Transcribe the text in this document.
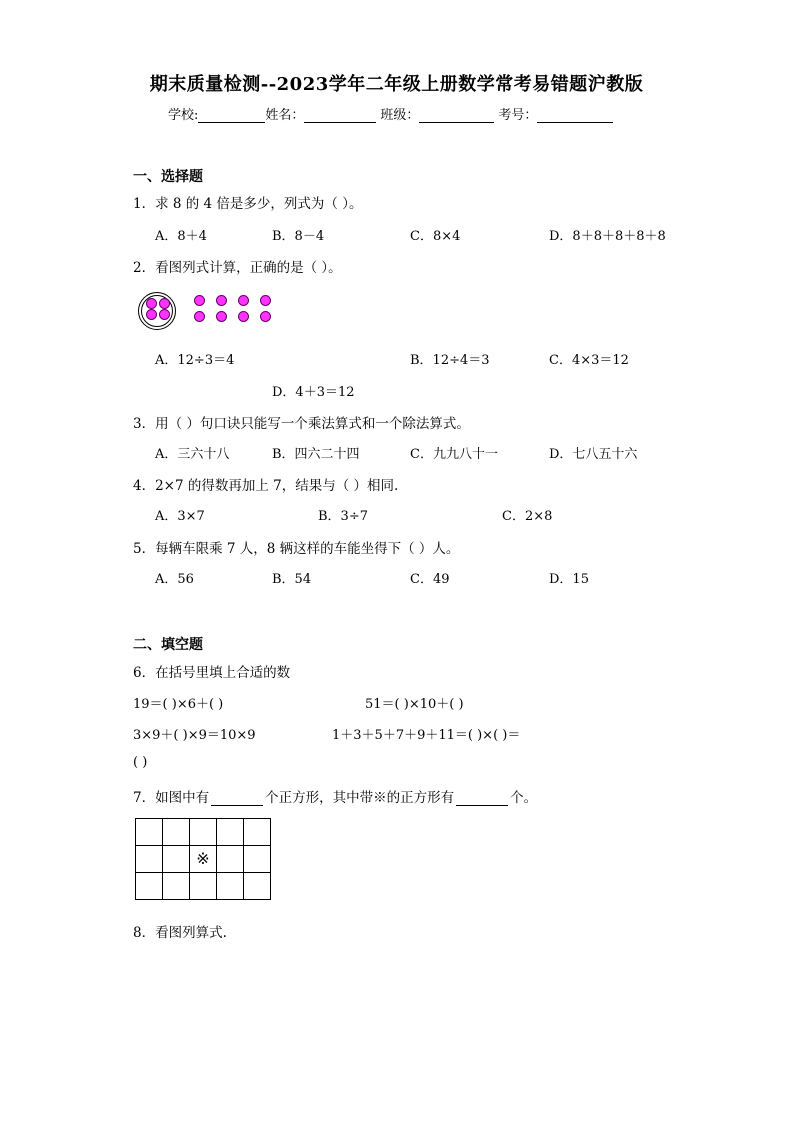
期末质量检测--2023学年二年级上册数学常考易错题沪教版
学校:	姓名：	班级：	考号：
一、选择题
1．求 8 的 4 倍是多少，列式为（ ）。
A．8＋4	B．8－4	C．8×4	D．8＋8＋8＋8＋8
2．看图列式计算，正确的是（ ）。
A．12÷3＝4	B．12÷4＝3	C．4×3＝12
D．4＋3＝12
3．用（ ）句口诀只能写一个乘法算式和一个除法算式。
A．三六十八	B．四六二十四	C．九九八十一	D．七八五十六
4．2×7 的得数再加上 7，结果与（ ）相同.
A．3×7	B．3÷7	C．2×8
5．每辆车限乘 7 人，8 辆这样的车能坐得下（ ）人。
A．56	B．54	C．49	D．15
二、填空题
6．在括号里填上合适的数
19＝( )×6＋( )	51＝( )×10＋( )
3×9＋( )×9＝10×9	1＋3＋5＋7＋9＋11＝( )×( )＝
( )
7．如图中有	个正方形，其中带※的正方形有	个。

		※		

8．看图列算式.
